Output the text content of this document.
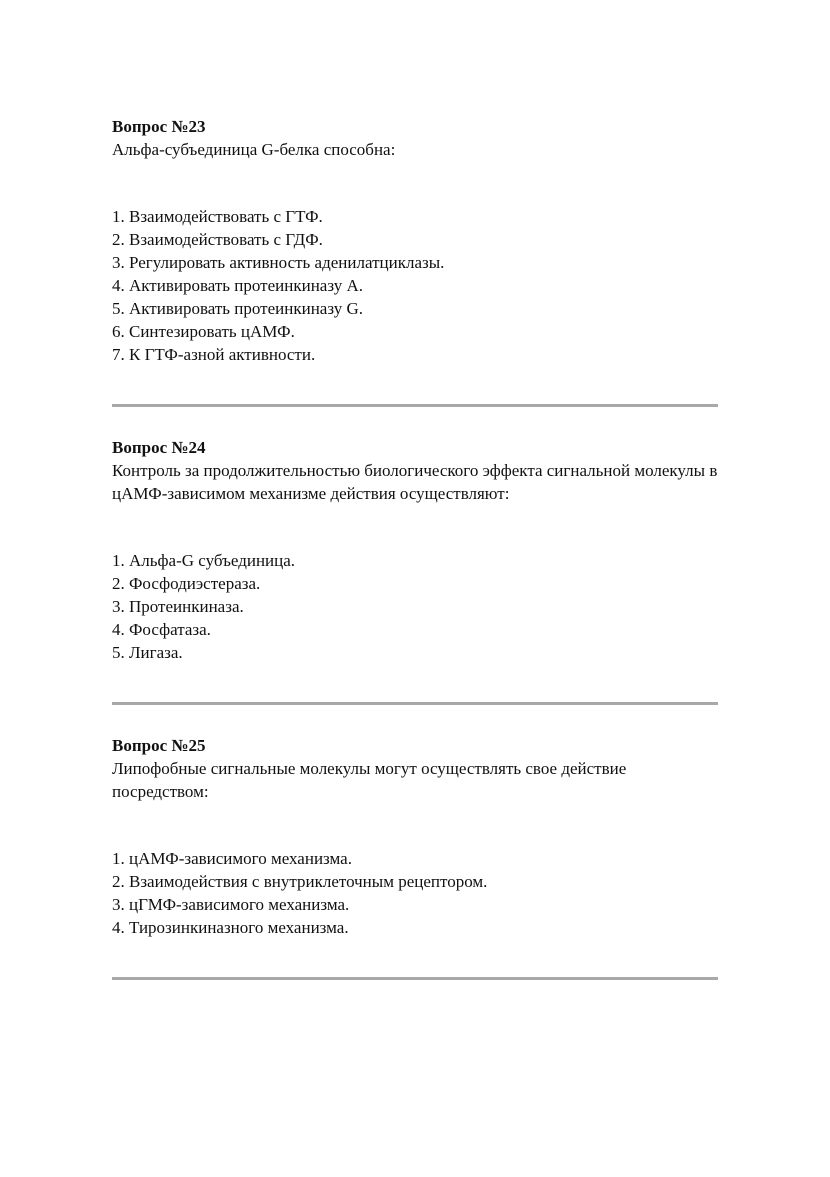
Вопрос №23

Альфа-субъединица G-белка способна:

1. Взаимодействовать с ГТФ.
2. Взаимодействовать с ГДФ.
3. Регулировать активность аденилатциклазы.
4. Активировать протеинкиназу А.
5. Активировать протеинкиназу G.
6. Синтезировать цАМФ.
7. К ГТФ-азной активности.

Вопрос №24

Контроль за продолжительностью биологического эффекта сигнальной молекулы в цАМФ-зависимом механизме действия осуществляют:

1. Альфа-G субъединица.
2. Фосфодиэстераза.
3. Протеинкиназа.
4. Фосфатаза.
5. Лигаза.

Вопрос №25

Липофобные сигнальные молекулы могут осуществлять свое действие посредством:

1. цАМФ-зависимого механизма.
2. Взаимодействия с внутриклеточным рецептором.
3. цГМФ-зависимого механизма.
4. Тирозинкиназного механизма.
